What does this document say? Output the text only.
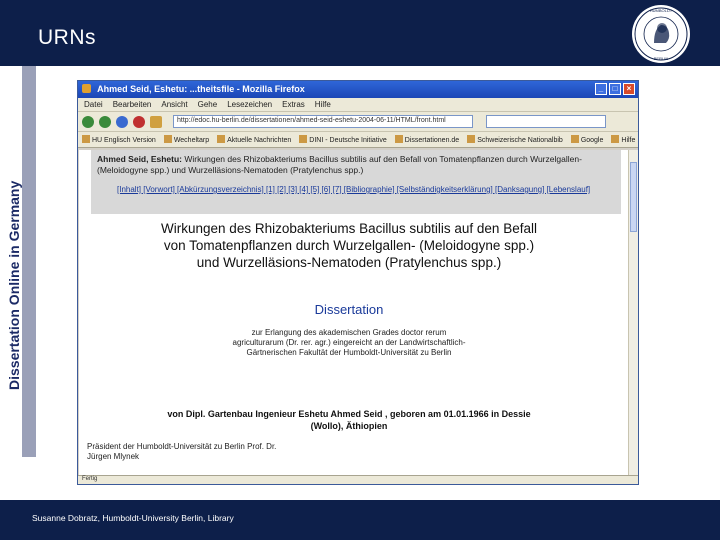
URNs
HUMBOLDT
BERLIN
Dissertation Online in Germany
Ahmed Seid, Eshetu: ...theitsfile - Mozilla Firefox	_	□	×
Datei Bearbeiten Ansicht Gehe Lesezeichen Extras Hilfe
http://edoc.hu-berlin.de/dissertationen/ahmed-seid-eshetu-2004-06-11/HTML/front.html
HU Englisch Version	Wecheltarp	Aktuelle Nachrichten	DINI - Deutsche Initiative	Dissertationen.de	Schweizerische Nationalbib	Google	Hilfe
Ahmed Seid, Eshetu: Wirkungen des Rhizobakteriums Bacillus subtilis auf den Befall von Tomatenpflanzen durch Wurzelgallen- (Meloidogyne spp.) und Wurzelläsions-Nematoden (Pratylenchus spp.)
[Inhalt] [Vorwort] [Abkürzungsverzeichnis] [1] [2] [3] [4] [5] [6] [7] [Bibliographie] [Selbständigkeitserklärung] [Danksagung] [Lebenslauf]
Wirkungen des Rhizobakteriums Bacillus subtilis auf den Befall von Tomatenpflanzen durch Wurzelgallen- (Meloidogyne spp.) und Wurzelläsions-Nematoden (Pratylenchus spp.)
Dissertation
zur Erlangung des akademischen Grades doctor rerum agriculturarum (Dr. rer. agr.) eingereicht an der Landwirtschaftlich-Gärtnerischen Fakultät der Humboldt-Universität zu Berlin
von Dipl. Gartenbau Ingenieur Eshetu Ahmed Seid , geboren am 01.01.1966 in Dessie (Wollo), Äthiopien
Präsident der Humboldt-Universität zu Berlin Prof. Dr. Jürgen Mlynek
Fertig
Susanne Dobratz, Humboldt-University Berlin, Library
